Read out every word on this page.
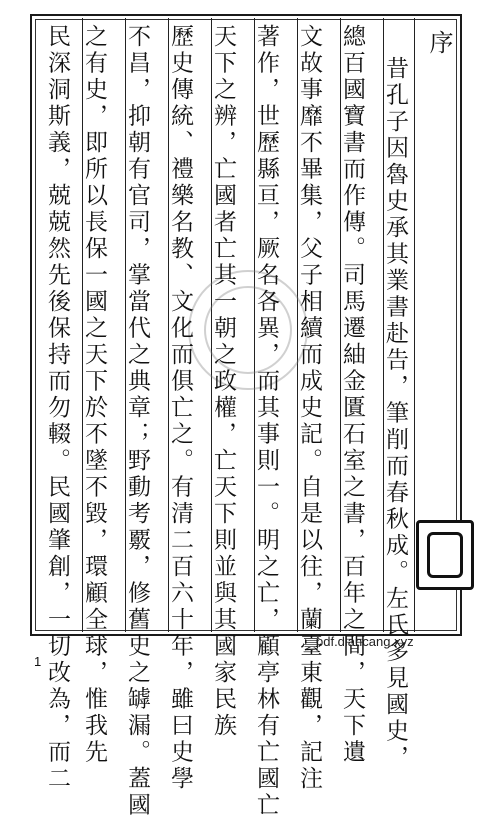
序
昔孔子因魯史承其業書赴告，筆削而春秋成。左氏多見國史，
總百國寶書而作傳。司馬遷紬金匱石室之書，百年之間，天下遺
文故事靡不畢集，父子相續而成史記。自是以往，蘭臺東觀，記注
著作，世歷縣亘，厥名各異，而其事則一。明之亡，顧亭林有亡國亡
天下之辨，亡國者亡其一朝之政權，亡天下則並與其國家民族
歷史傳統、禮樂名教、文化而俱亡之。有清二百六十年，雖曰史學
不昌，抑朝有官司，掌當代之典章；野動考覈，修舊史之罅漏。蓋國
之有史，即所以長保一國之天下於不墜不毀，環顧全球，惟我先
民深洞斯義，兢兢然先後保持而勿輟。民國肇創，一切改為，而二
1
pdf.dlancang.xyz
